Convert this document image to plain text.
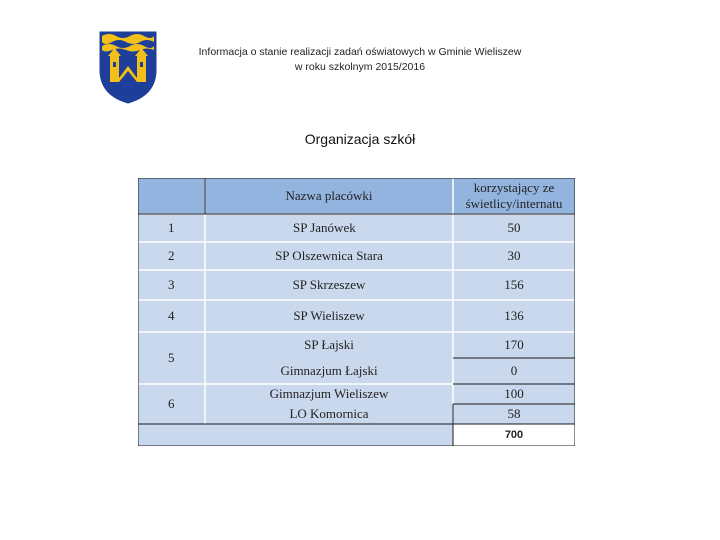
Informacja o stanie realizacji zadań oświatowych w Gminie Wieliszew
w roku szkolnym 2015/2016
Organizacja szkół
Nazwa placówki
korzystający ze świetlicy/internatu
1	SP Janówek	50
2	SP Olszewnica Stara	30
3	SP Skrzeszew	156
4	SP Wieliszew	136
5
SP Łajski	170
Gimnazjum Łajski	0
6
Gimnazjum Wieliszew	100
LO Komornica	58
700
